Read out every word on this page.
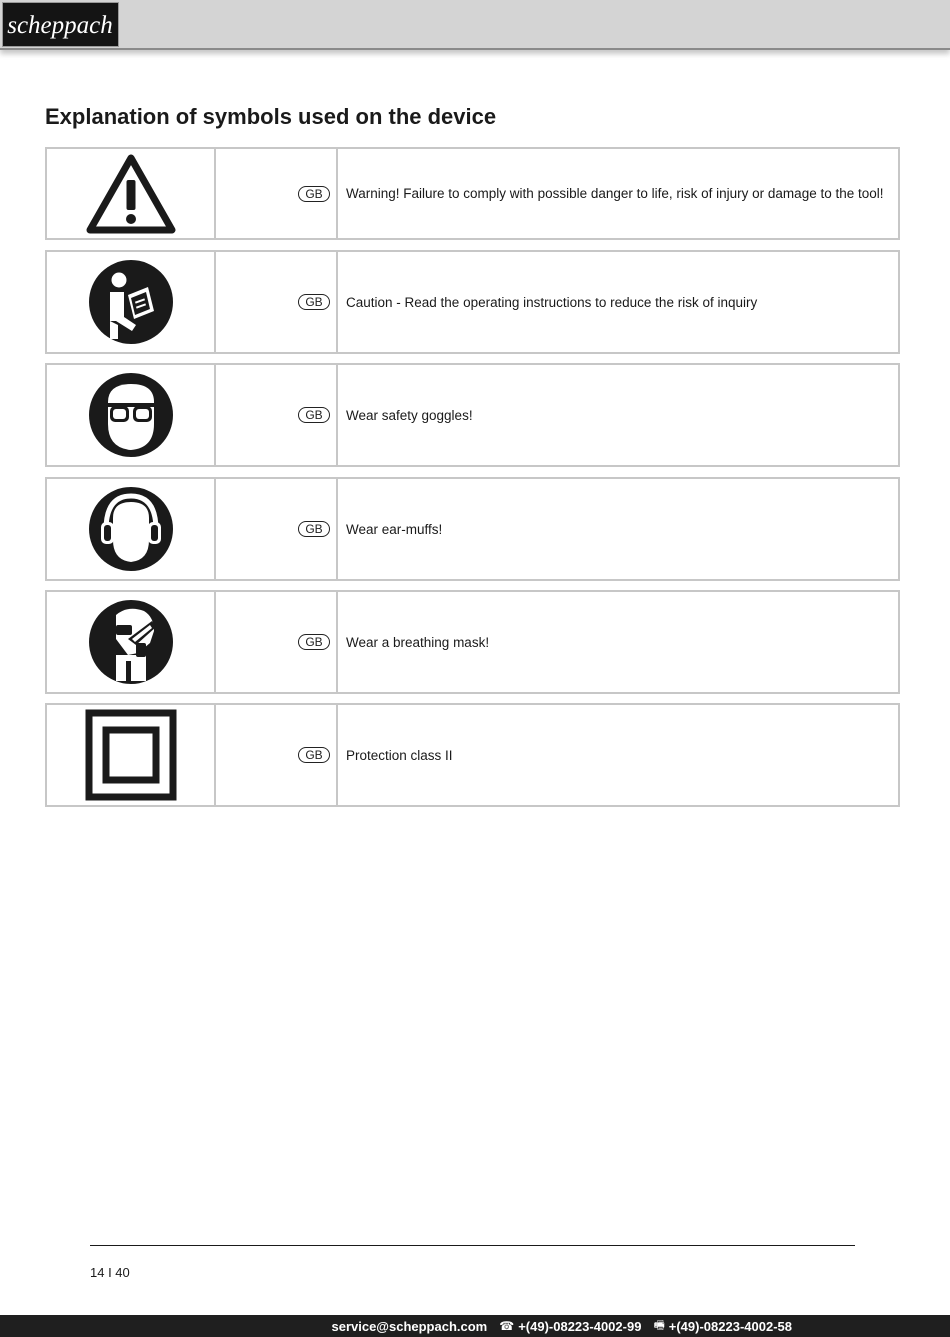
scheppach
Explanation of symbols used on the device
GB	Warning! Failure to comply with possible danger to life, risk of injury or damage to the tool!
GB	Caution - Read the operating instructions to reduce the risk of inquiry
GB	Wear safety goggles!
GB	Wear ear-muffs!
GB	Wear a breathing mask!
GB	Protection class II
14 I 40
service@scheppach.com ☎ +(49)-08223-4002-99 🖷 +(49)-08223-4002-58
